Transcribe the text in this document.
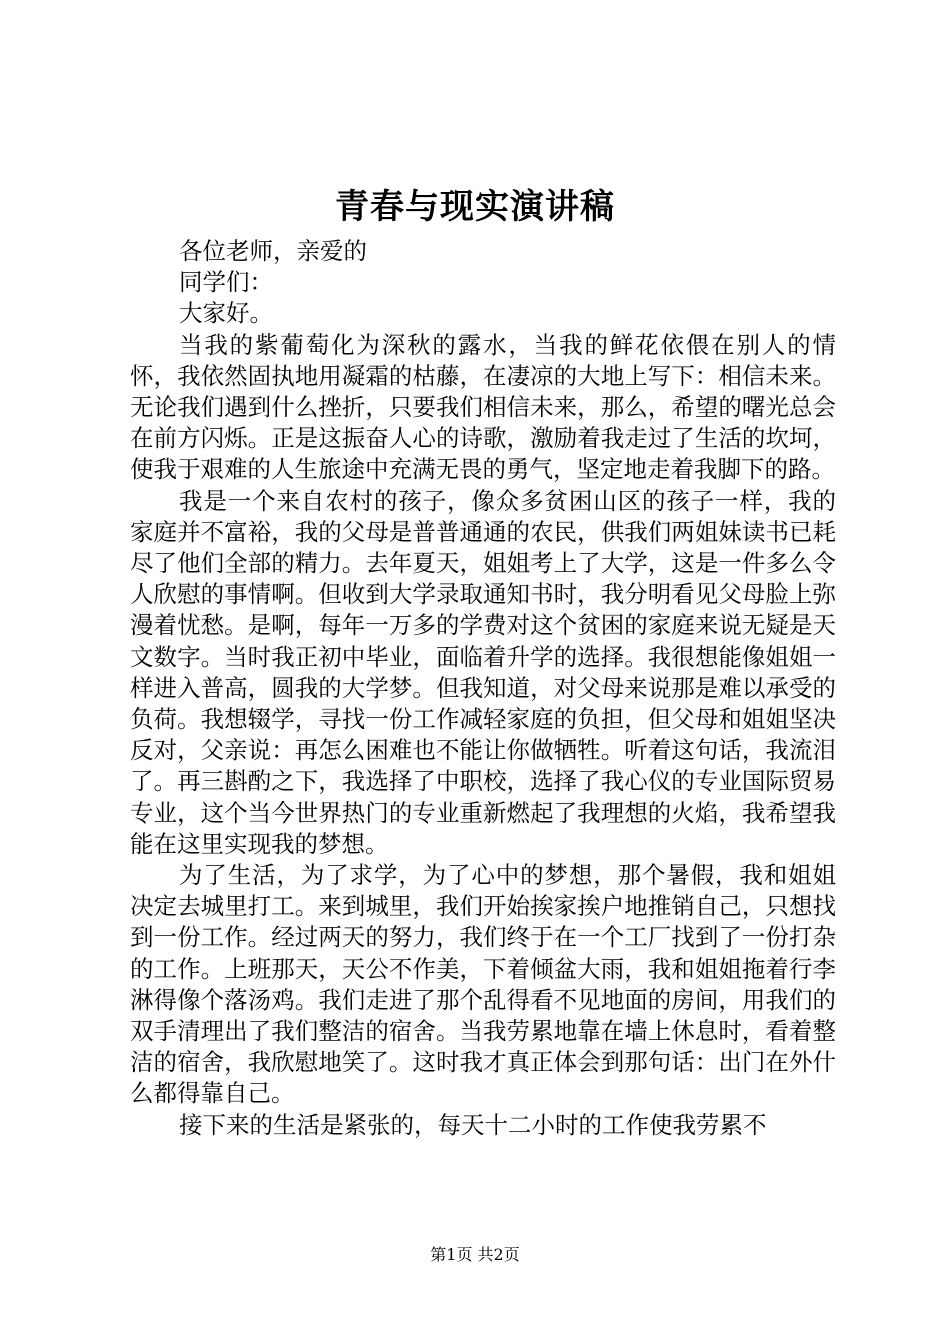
青春与现实演讲稿

各位老师，亲爱的

同学们：

大家好。

当我的紫葡萄化为深秋的露水，当我的鲜花依偎在别人的情怀，我依然固执地用凝霜的枯藤，在凄凉的大地上写下：相信未来。无论我们遇到什么挫折，只要我们相信未来，那么，希望的曙光总会在前方闪烁。正是这振奋人心的诗歌，激励着我走过了生活的坎坷，使我于艰难的人生旅途中充满无畏的勇气，坚定地走着我脚下的路。

我是一个来自农村的孩子，像众多贫困山区的孩子一样，我的家庭并不富裕，我的父母是普普通通的农民，供我们两姐妹读书已耗尽了他们全部的精力。去年夏天，姐姐考上了大学，这是一件多么令人欣慰的事情啊。但收到大学录取通知书时，我分明看见父母脸上弥漫着忧愁。是啊，每年一万多的学费对这个贫困的家庭来说无疑是天文数字。当时我正初中毕业，面临着升学的选择。我很想能像姐姐一样进入普高，圆我的大学梦。但我知道，对父母来说那是难以承受的负荷。我想辍学，寻找一份工作减轻家庭的负担，但父母和姐姐坚决反对，父亲说：再怎么困难也不能让你做牺牲。听着这句话，我流泪了。再三斟酌之下，我选择了中职校，选择了我心仪的专业国际贸易专业，这个当今世界热门的专业重新燃起了我理想的火焰，我希望我能在这里实现我的梦想。

为了生活，为了求学，为了心中的梦想，那个暑假，我和姐姐决定去城里打工。来到城里，我们开始挨家挨户地推销自己，只想找到一份工作。经过两天的努力，我们终于在一个工厂找到了一份打杂的工作。上班那天，天公不作美，下着倾盆大雨，我和姐姐拖着行李淋得像个落汤鸡。我们走进了那个乱得看不见地面的房间，用我们的双手清理出了我们整洁的宿舍。当我劳累地靠在墙上休息时，看着整洁的宿舍，我欣慰地笑了。这时我才真正体会到那句话：出门在外什么都得靠自己。

接下来的生活是紧张的，每天十二小时的工作使我劳累不

第1页 共2页
